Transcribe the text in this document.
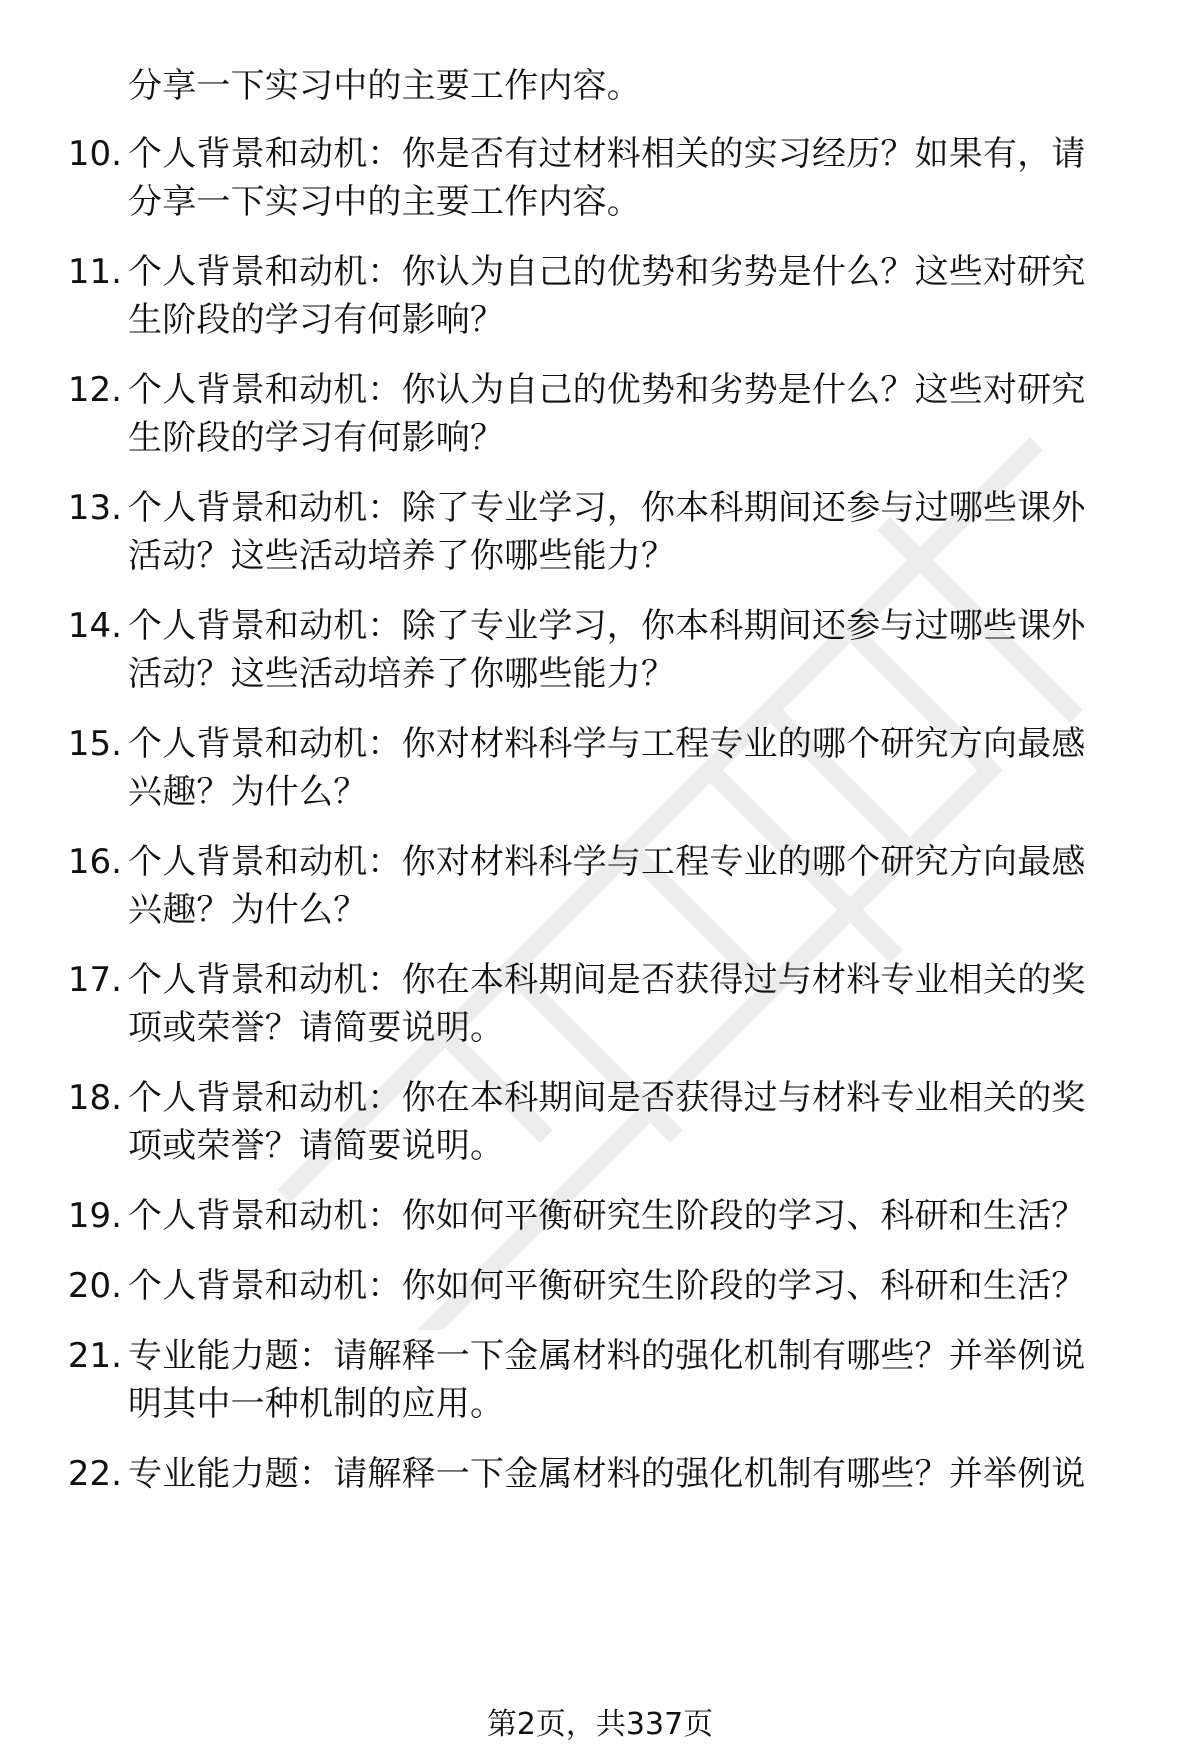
分享一下实习中的主要工作内容。
10. 个人背景和动机：你是否有过材料相关的实习经历？如果有，请
分享一下实习中的主要工作内容。
11. 个人背景和动机：你认为自己的优势和劣势是什么？这些对研究
生阶段的学习有何影响？
12. 个人背景和动机：你认为自己的优势和劣势是什么？这些对研究
生阶段的学习有何影响？
13. 个人背景和动机：除了专业学习，你本科期间还参与过哪些课外
活动？这些活动培养了你哪些能力？
14. 个人背景和动机：除了专业学习，你本科期间还参与过哪些课外
活动？这些活动培养了你哪些能力？
15. 个人背景和动机：你对材料科学与工程专业的哪个研究方向最感
兴趣？为什么？
16. 个人背景和动机：你对材料科学与工程专业的哪个研究方向最感
兴趣？为什么？
17. 个人背景和动机：你在本科期间是否获得过与材料专业相关的奖
项或荣誉？请简要说明。
18. 个人背景和动机：你在本科期间是否获得过与材料专业相关的奖
项或荣誉？请简要说明。
19. 个人背景和动机：你如何平衡研究生阶段的学习、科研和生活？
20. 个人背景和动机：你如何平衡研究生阶段的学习、科研和生活？
21. 专业能力题：请解释一下金属材料的强化机制有哪些？并举例说
明其中一种机制的应用。
22. 专业能力题：请解释一下金属材料的强化机制有哪些？并举例说
第2页，共337页
